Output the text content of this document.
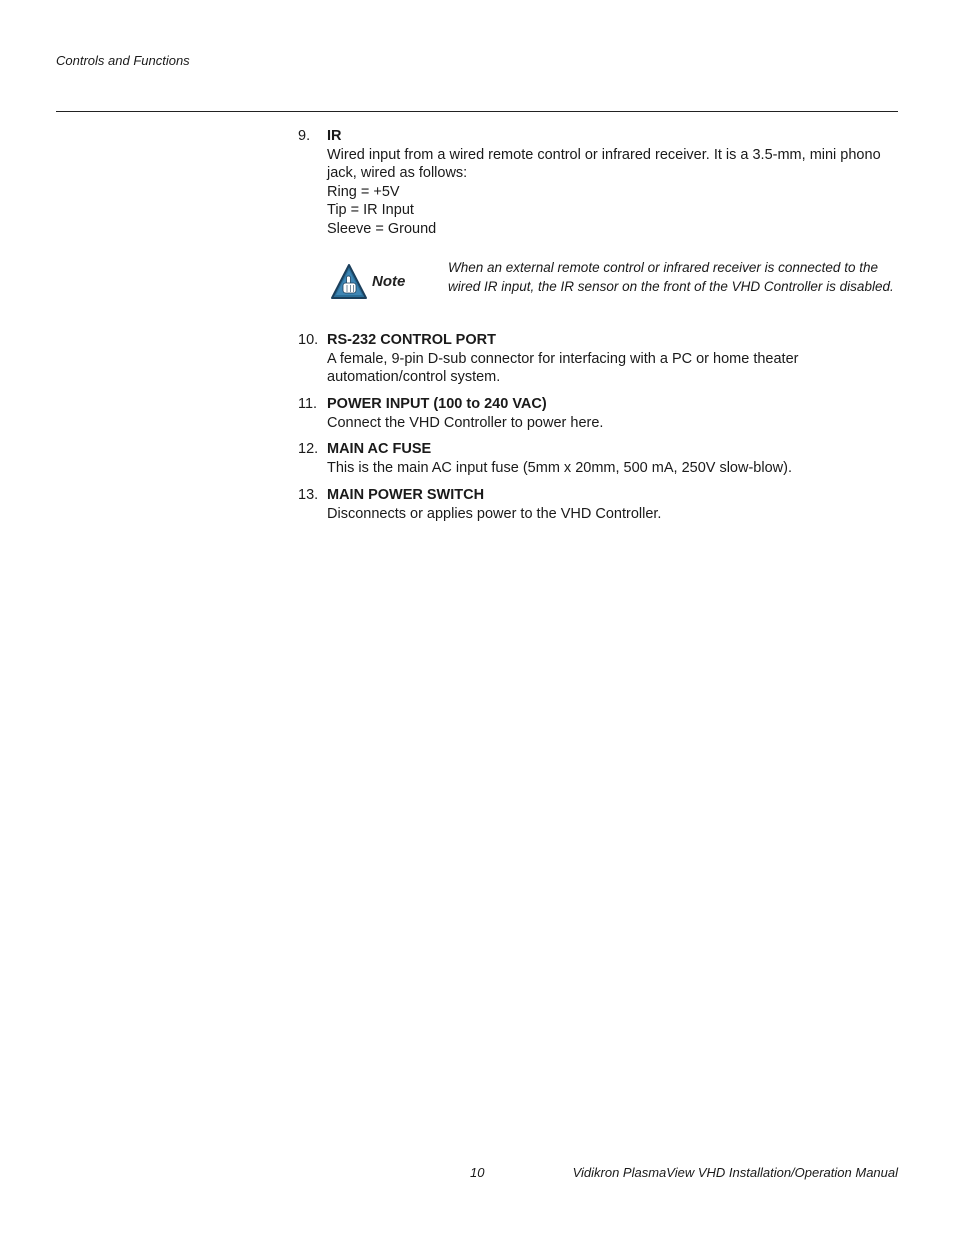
Controls and Functions
9. IR
Wired input from a wired remote control or infrared receiver. It is a 3.5-mm, mini phono
jack, wired as follows:
Ring = +5V
Tip = IR Input
Sleeve = Ground
Note
When an external remote control or infrared receiver is connected to the
wired IR input, the IR sensor on the front of the VHD Controller is disabled.
10. RS-232 CONTROL PORT
A female, 9-pin D-sub connector for interfacing with a PC or home theater
automation/control system.
11. POWER INPUT (100 to 240 VAC)
Connect the VHD Controller to power here.
12. MAIN AC FUSE
This is the main AC input fuse (5mm x 20mm, 500 mA, 250V slow-blow).
13. MAIN POWER SWITCH
Disconnects or applies power to the VHD Controller.
10	Vidikron PlasmaView VHD Installation/Operation Manual
